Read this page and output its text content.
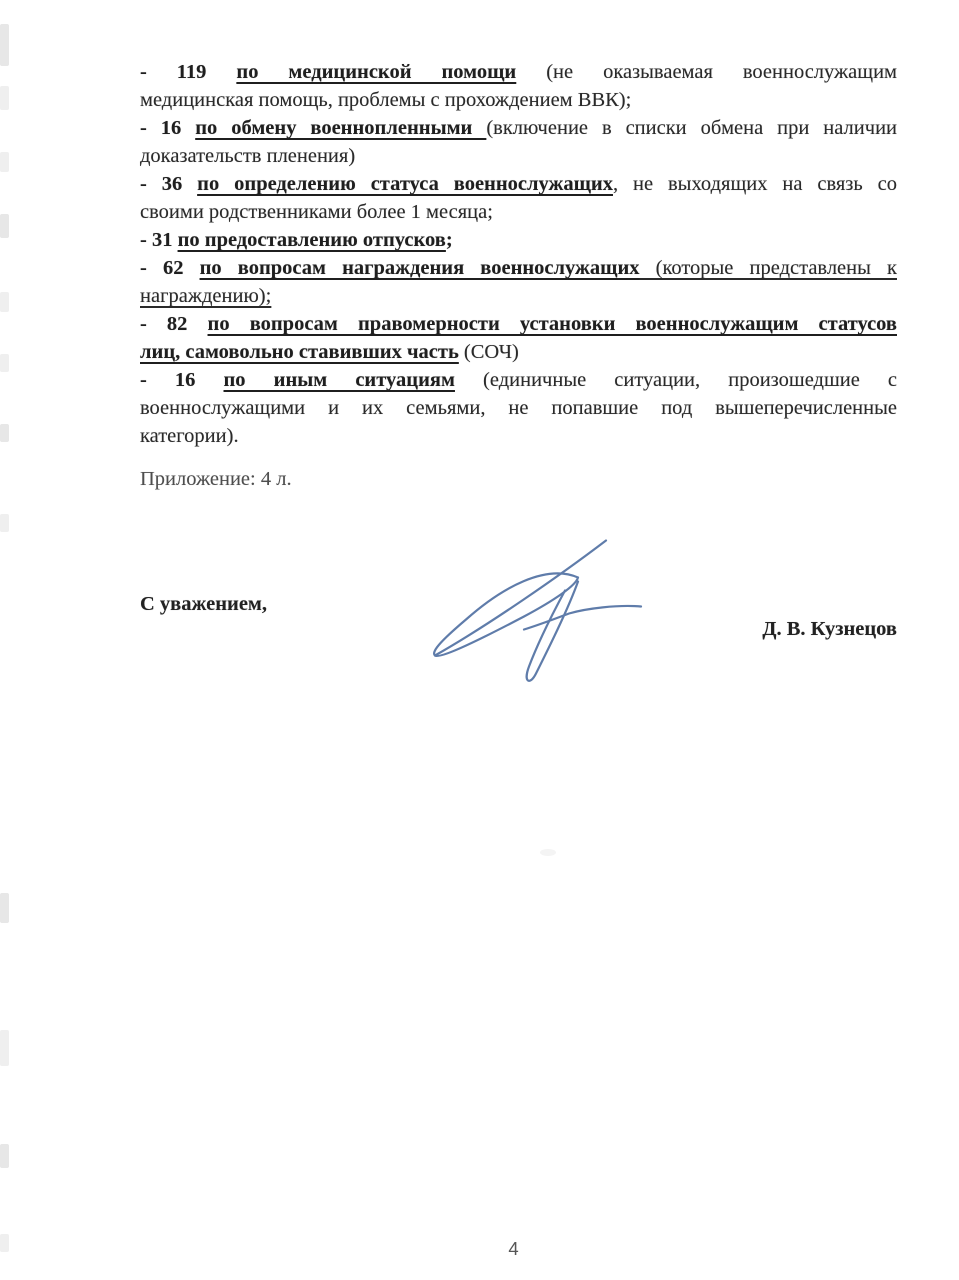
- 119 по медицинской помощи (не оказываемая военнослужащим
медицинская помощь, проблемы с прохождением ВВК);
- 16 по обмену военнопленными (включение в списки обмена при наличии
доказательств пленения)
- 36 по определению статуса военнослужащих, не выходящих на связь со
своими родственниками более 1 месяца;
- 31 по предоставлению отпусков;
- 62 по вопросам награждения военнослужащих (которые представлены к
награждению);
- 82 по вопросам правомерности установки военнослужащим статусов
лиц, самовольно ставивших часть (СОЧ)
- 16 по иным ситуациям (единичные ситуации, произошедшие с
военнослужащими и их семьями, не попавшие под вышеперечисленные
категории).
Приложение: 4 л.
С уважением,
Д. В. Кузнецов
4
